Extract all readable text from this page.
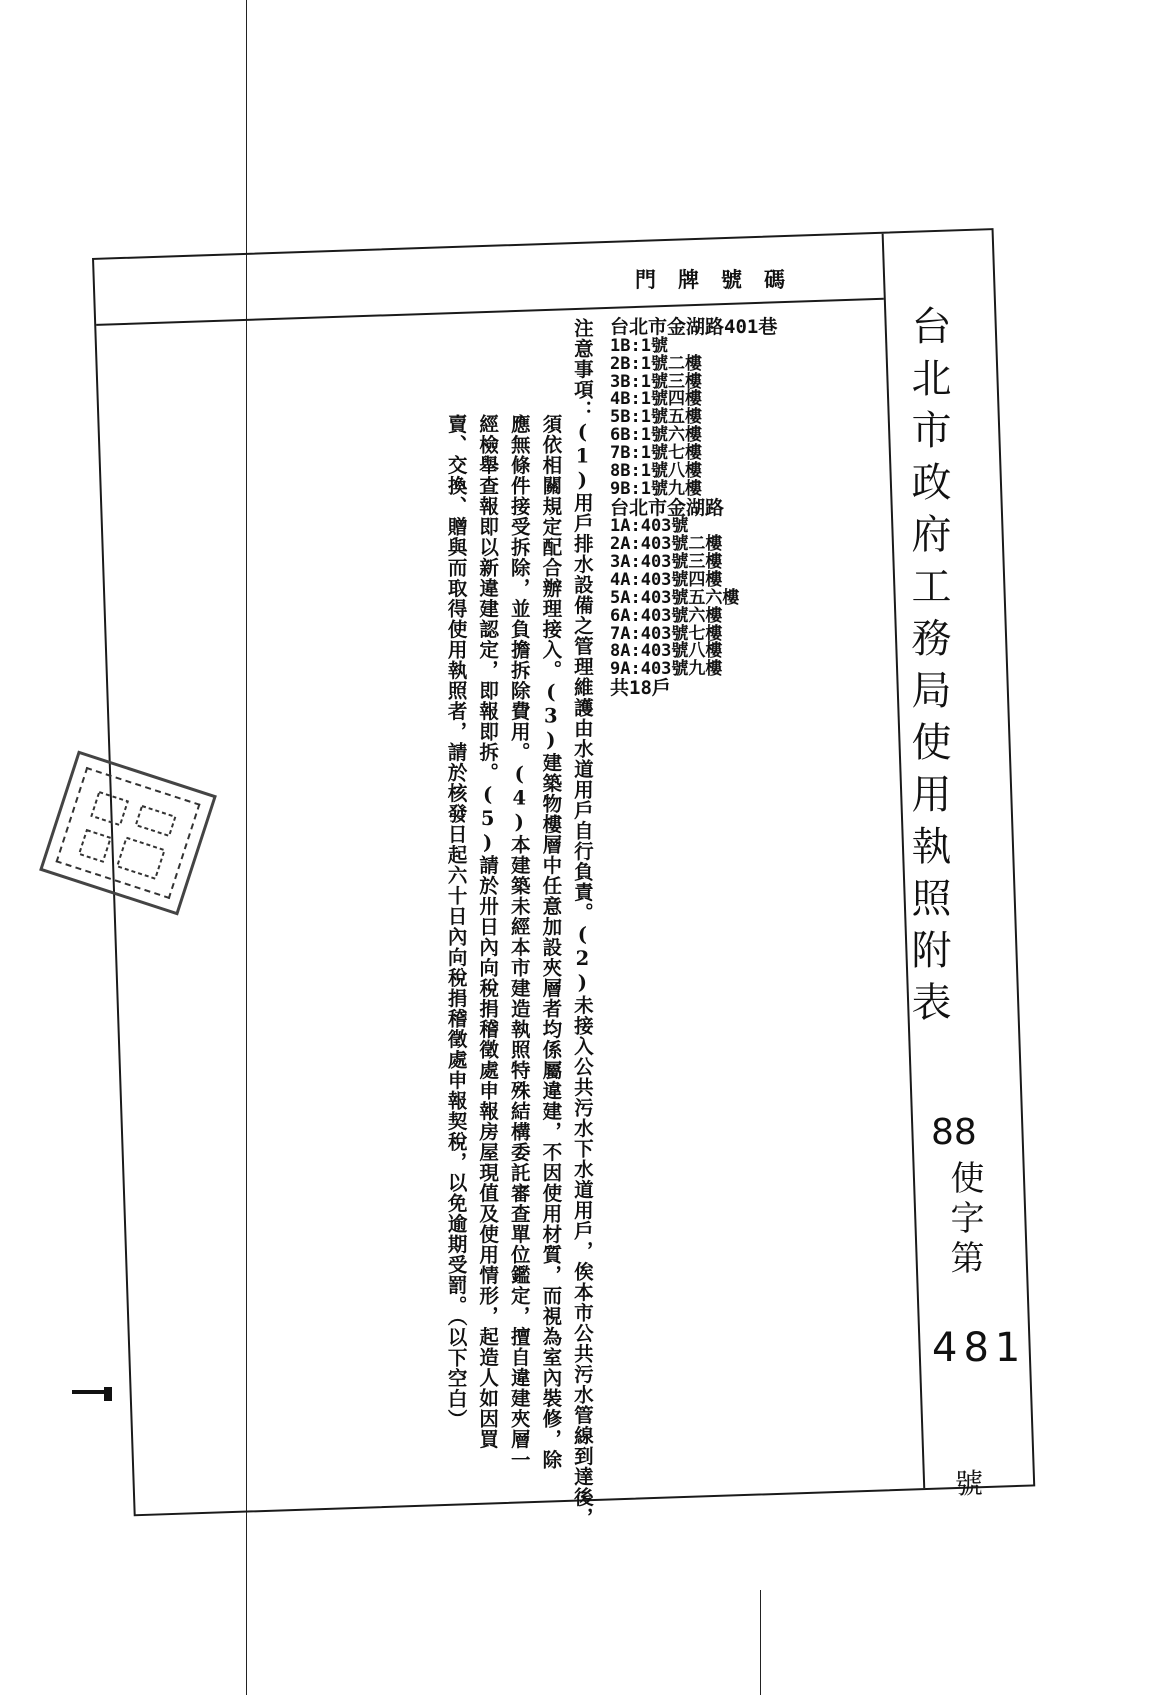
台北市政府工務局使用執照附表
88
使字第
481
號
門牌號碼
台北市金湖路401巷
1B:1號
2B:1號二樓
3B:1號三樓
4B:1號四樓
5B:1號五樓
6B:1號六樓
7B:1號七樓
8B:1號八樓
9B:1號九樓
台北市金湖路
1A:403號
2A:403號二樓
3A:403號三樓
4A:403號四樓
5A:403號五六樓
6A:403號六樓
7A:403號七樓
8A:403號八樓
9A:403號九樓
共18戶
注意事項：(1)用戶排水設備之管理維護由水道用戶自行負責。(2)未接入公共污水下水道用戶，俟本市公共污水管線到達後，
須依相關規定配合辦理接入。(3)建築物樓層中任意加設夾層者均係屬違建，不因使用材質，而視為室內裝修，除
應無條件接受拆除，並負擔拆除費用。(4)本建築未經本市建造執照特殊結構委託審查單位鑑定，擅自違建夾層一
經檢舉查報即以新違建認定，即報即拆。(5)請於卅日內向稅捐稽徵處申報房屋現值及使用情形，起造人如因買
賣、交換、贈與而取得使用執照者，請於核發日起六十日內向稅捐稽徵處申報契稅，以免逾期受罰。（以下空白）
